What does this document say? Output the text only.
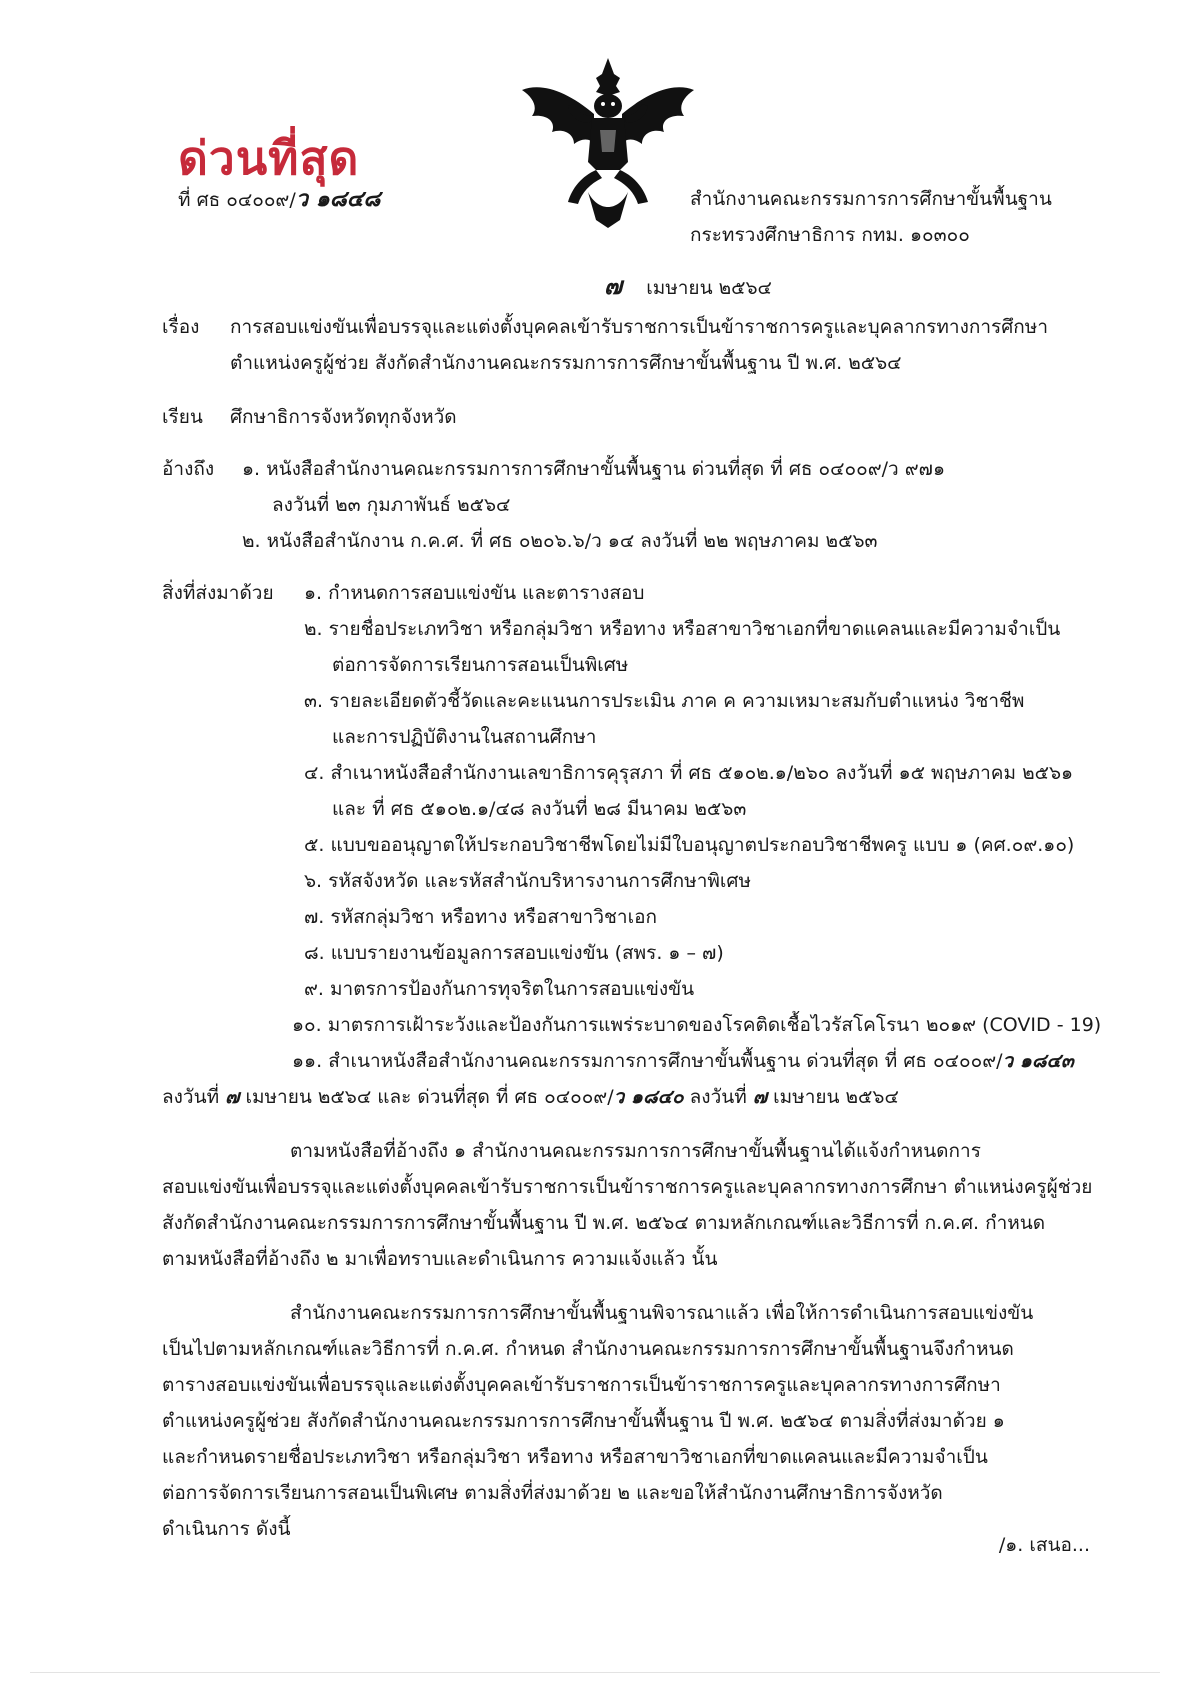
ด่วนที่สุด
ที่ ศธ ๐๔๐๐๙/ว ๑๘๔๘	สำนักงานคณะกรรมการการศึกษาขั้นพื้นฐาน
กระทรวงศึกษาธิการ กทม. ๑๐๓๐๐
๗ เมษายน ๒๕๖๔
เรื่อง การสอบแข่งขันเพื่อบรรจุและแต่งตั้งบุคคลเข้ารับราชการเป็นข้าราชการครูและบุคลากรทางการศึกษา
ตำแหน่งครูผู้ช่วย สังกัดสำนักงานคณะกรรมการการศึกษาขั้นพื้นฐาน ปี พ.ศ. ๒๕๖๔
เรียน ศึกษาธิการจังหวัดทุกจังหวัด
อ้างถึง ๑. หนังสือสำนักงานคณะกรรมการการศึกษาขั้นพื้นฐาน ด่วนที่สุด ที่ ศธ ๐๔๐๐๙/ว ๙๗๑
ลงวันที่ ๒๓ กุมภาพันธ์ ๒๕๖๔
๒. หนังสือสำนักงาน ก.ค.ศ. ที่ ศธ ๐๒๐๖.๖/ว ๑๔ ลงวันที่ ๒๒ พฤษภาคม ๒๕๖๓
สิ่งที่ส่งมาด้วย ๑. กำหนดการสอบแข่งขัน และตารางสอบ
๒. รายชื่อประเภทวิชา หรือกลุ่มวิชา หรือทาง หรือสาขาวิชาเอกที่ขาดแคลนและมีความจำเป็น
ต่อการจัดการเรียนการสอนเป็นพิเศษ
๓. รายละเอียดตัวชี้วัดและคะแนนการประเมิน ภาค ค ความเหมาะสมกับตำแหน่ง วิชาชีพ
และการปฏิบัติงานในสถานศึกษา
๔. สำเนาหนังสือสำนักงานเลขาธิการคุรุสภา ที่ ศธ ๕๑๐๒.๑/๒๖๐ ลงวันที่ ๑๕ พฤษภาคม ๒๕๖๑
และ ที่ ศธ ๕๑๐๒.๑/๔๘ ลงวันที่ ๒๘ มีนาคม ๒๕๖๓
๕. แบบขออนุญาตให้ประกอบวิชาชีพโดยไม่มีใบอนุญาตประกอบวิชาชีพครู แบบ ๑ (คศ.๐๙.๑๐)
๖. รหัสจังหวัด และรหัสสำนักบริหารงานการศึกษาพิเศษ
๗. รหัสกลุ่มวิชา หรือทาง หรือสาขาวิชาเอก
๘. แบบรายงานข้อมูลการสอบแข่งขัน (สพร. ๑ – ๗)
๙. มาตรการป้องกันการทุจริตในการสอบแข่งขัน
๑๐. มาตรการเฝ้าระวังและป้องกันการแพร่ระบาดของโรคติดเชื้อไวรัสโคโรนา ๒๐๑๙ (COVID - 19)
๑๑. สำเนาหนังสือสำนักงานคณะกรรมการการศึกษาขั้นพื้นฐาน ด่วนที่สุด ที่ ศธ ๐๔๐๐๙/ว ๑๘๔๓
ลงวันที่ ๗ เมษายน ๒๕๖๔ และ ด่วนที่สุด ที่ ศธ ๐๔๐๐๙/ว ๑๘๔๐ ลงวันที่ ๗ เมษายน ๒๕๖๔
ตามหนังสือที่อ้างถึง ๑ สำนักงานคณะกรรมการการศึกษาขั้นพื้นฐานได้แจ้งกำหนดการ
สอบแข่งขันเพื่อบรรจุและแต่งตั้งบุคคลเข้ารับราชการเป็นข้าราชการครูและบุคลากรทางการศึกษา ตำแหน่งครูผู้ช่วย
สังกัดสำนักงานคณะกรรมการการศึกษาขั้นพื้นฐาน ปี พ.ศ. ๒๕๖๔ ตามหลักเกณฑ์และวิธีการที่ ก.ค.ศ. กำหนด
ตามหนังสือที่อ้างถึง ๒ มาเพื่อทราบและดำเนินการ ความแจ้งแล้ว นั้น
สำนักงานคณะกรรมการการศึกษาขั้นพื้นฐานพิจารณาแล้ว เพื่อให้การดำเนินการสอบแข่งขัน
เป็นไปตามหลักเกณฑ์และวิธีการที่ ก.ค.ศ. กำหนด สำนักงานคณะกรรมการการศึกษาขั้นพื้นฐานจึงกำหนด
ตารางสอบแข่งขันเพื่อบรรจุและแต่งตั้งบุคคลเข้ารับราชการเป็นข้าราชการครูและบุคลากรทางการศึกษา
ตำแหน่งครูผู้ช่วย สังกัดสำนักงานคณะกรรมการการศึกษาขั้นพื้นฐาน ปี พ.ศ. ๒๕๖๔ ตามสิ่งที่ส่งมาด้วย ๑
และกำหนดรายชื่อประเภทวิชา หรือกลุ่มวิชา หรือทาง หรือสาขาวิชาเอกที่ขาดแคลนและมีความจำเป็น
ต่อการจัดการเรียนการสอนเป็นพิเศษ ตามสิ่งที่ส่งมาด้วย ๒ และขอให้สำนักงานศึกษาธิการจังหวัด
ดำเนินการ ดังนี้
/๑. เสนอ...
